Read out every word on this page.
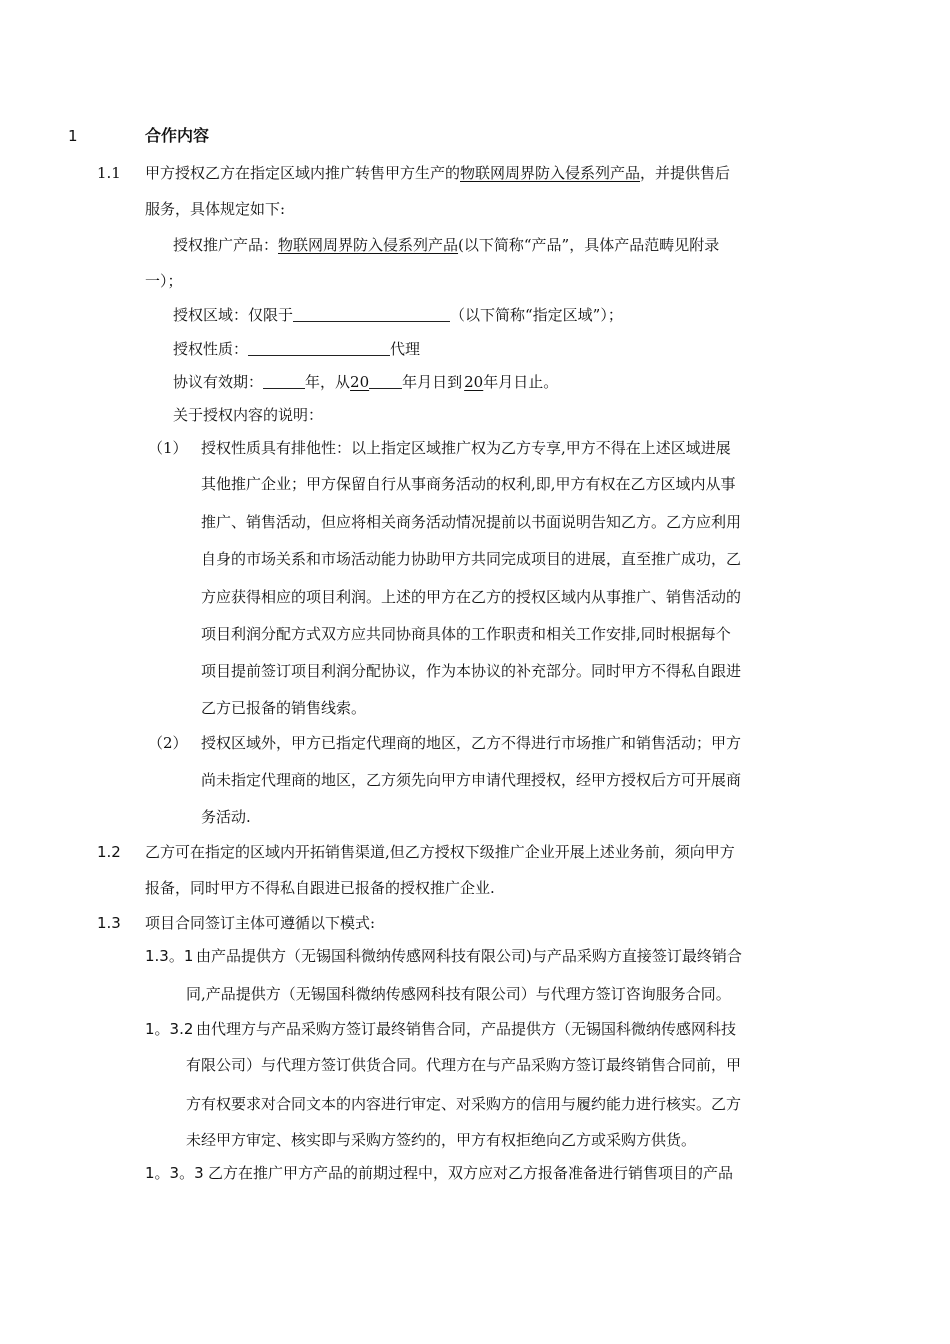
1	合作内容
1.1 甲方授权乙方在指定区域内推广转售甲方生产的物联网周界防入侵系列产品，并提供售后
服务，具体规定如下:
授权推广产品：物联网周界防入侵系列产品(以下简称“产品”，具体产品范畴见附录
一）；
授权区域：仅限于	（以下简称“指定区域”）；
授权性质：	代理
协议有效期：	年，从20 年月日到 20年月日止。
关于授权内容的说明：
（1） 授权性质具有排他性：以上指定区域推广权为乙方专享,甲方不得在上述区域进展
其他推广企业；甲方保留自行从事商务活动的权利,即,甲方有权在乙方区域内从事
推广、销售活动，但应将相关商务活动情况提前以书面说明告知乙方。乙方应利用
自身的市场关系和市场活动能力协助甲方共同完成项目的进展，直至推广成功，乙
方应获得相应的项目利润。上述的甲方在乙方的授权区域内从事推广、销售活动的
项目利润分配方式双方应共同协商具体的工作职责和相关工作安排,同时根据每个
项目提前签订项目利润分配协议，作为本协议的补充部分。同时甲方不得私自跟进
乙方已报备的销售线索。
（2） 授权区域外，甲方已指定代理商的地区，乙方不得进行市场推广和销售活动；甲方
尚未指定代理商的地区，乙方须先向甲方申请代理授权，经甲方授权后方可开展商
务活动.
1.2 乙方可在指定的区域内开拓销售渠道,但乙方授权下级推广企业开展上述业务前，须向甲方
报备，同时甲方不得私自跟进已报备的授权推广企业.
1.3 项目合同签订主体可遵循以下模式:
1.3。1 由产品提供方（无锡国科微纳传感网科技有限公司)与产品采购方直接签订最终销合
同,产品提供方（无锡国科微纳传感网科技有限公司）与代理方签订咨询服务合同。
1。3.2 由代理方与产品采购方签订最终销售合同，产品提供方（无锡国科微纳传感网科技
有限公司）与代理方签订供货合同。代理方在与产品采购方签订最终销售合同前，甲
方有权要求对合同文本的内容进行审定、对采购方的信用与履约能力进行核实。乙方
未经甲方审定、核实即与采购方签约的，甲方有权拒绝向乙方或采购方供货。
1。3。3 乙方在推广甲方产品的前期过程中，双方应对乙方报备准备进行销售项目的产品
